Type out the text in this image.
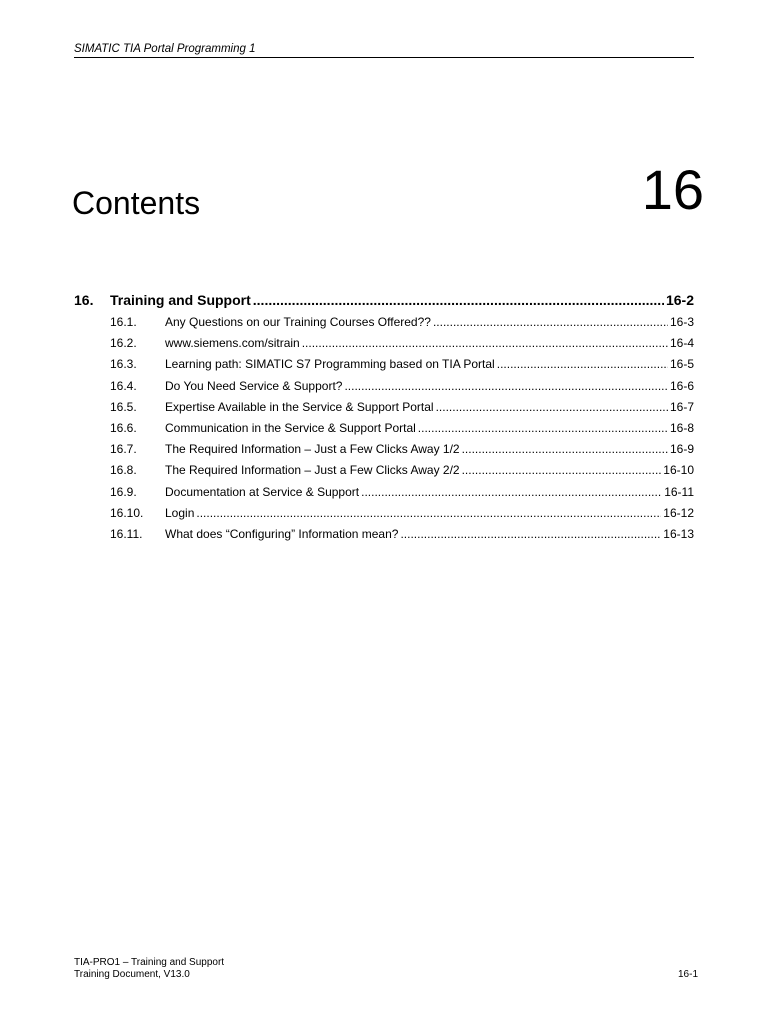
SIMATIC TIA Portal Programming 1
Contents	16
16.	Training and Support .....	16-2
16.1.	Any Questions on our Training Courses Offered?? .....	16-3
16.2.	www.siemens.com/sitrain .....	16-4
16.3.	Learning path: SIMATIC S7 Programming based on TIA Portal .....	16-5
16.4.	Do You Need Service & Support? .....	16-6
16.5.	Expertise Available in the Service & Support Portal .....	16-7
16.6.	Communication in the Service & Support Portal .....	16-8
16.7.	The Required Information – Just a Few Clicks Away 1/2 .....	16-9
16.8.	The Required Information – Just a Few Clicks Away 2/2 .....	16-10
16.9.	Documentation at Service & Support .....	16-11
16.10.	Login .....	16-12
16.11.	What does “Configuring” Information mean? .....	16-13
TIA-PRO1 – Training and Support
Training Document, V13.0	16-1
